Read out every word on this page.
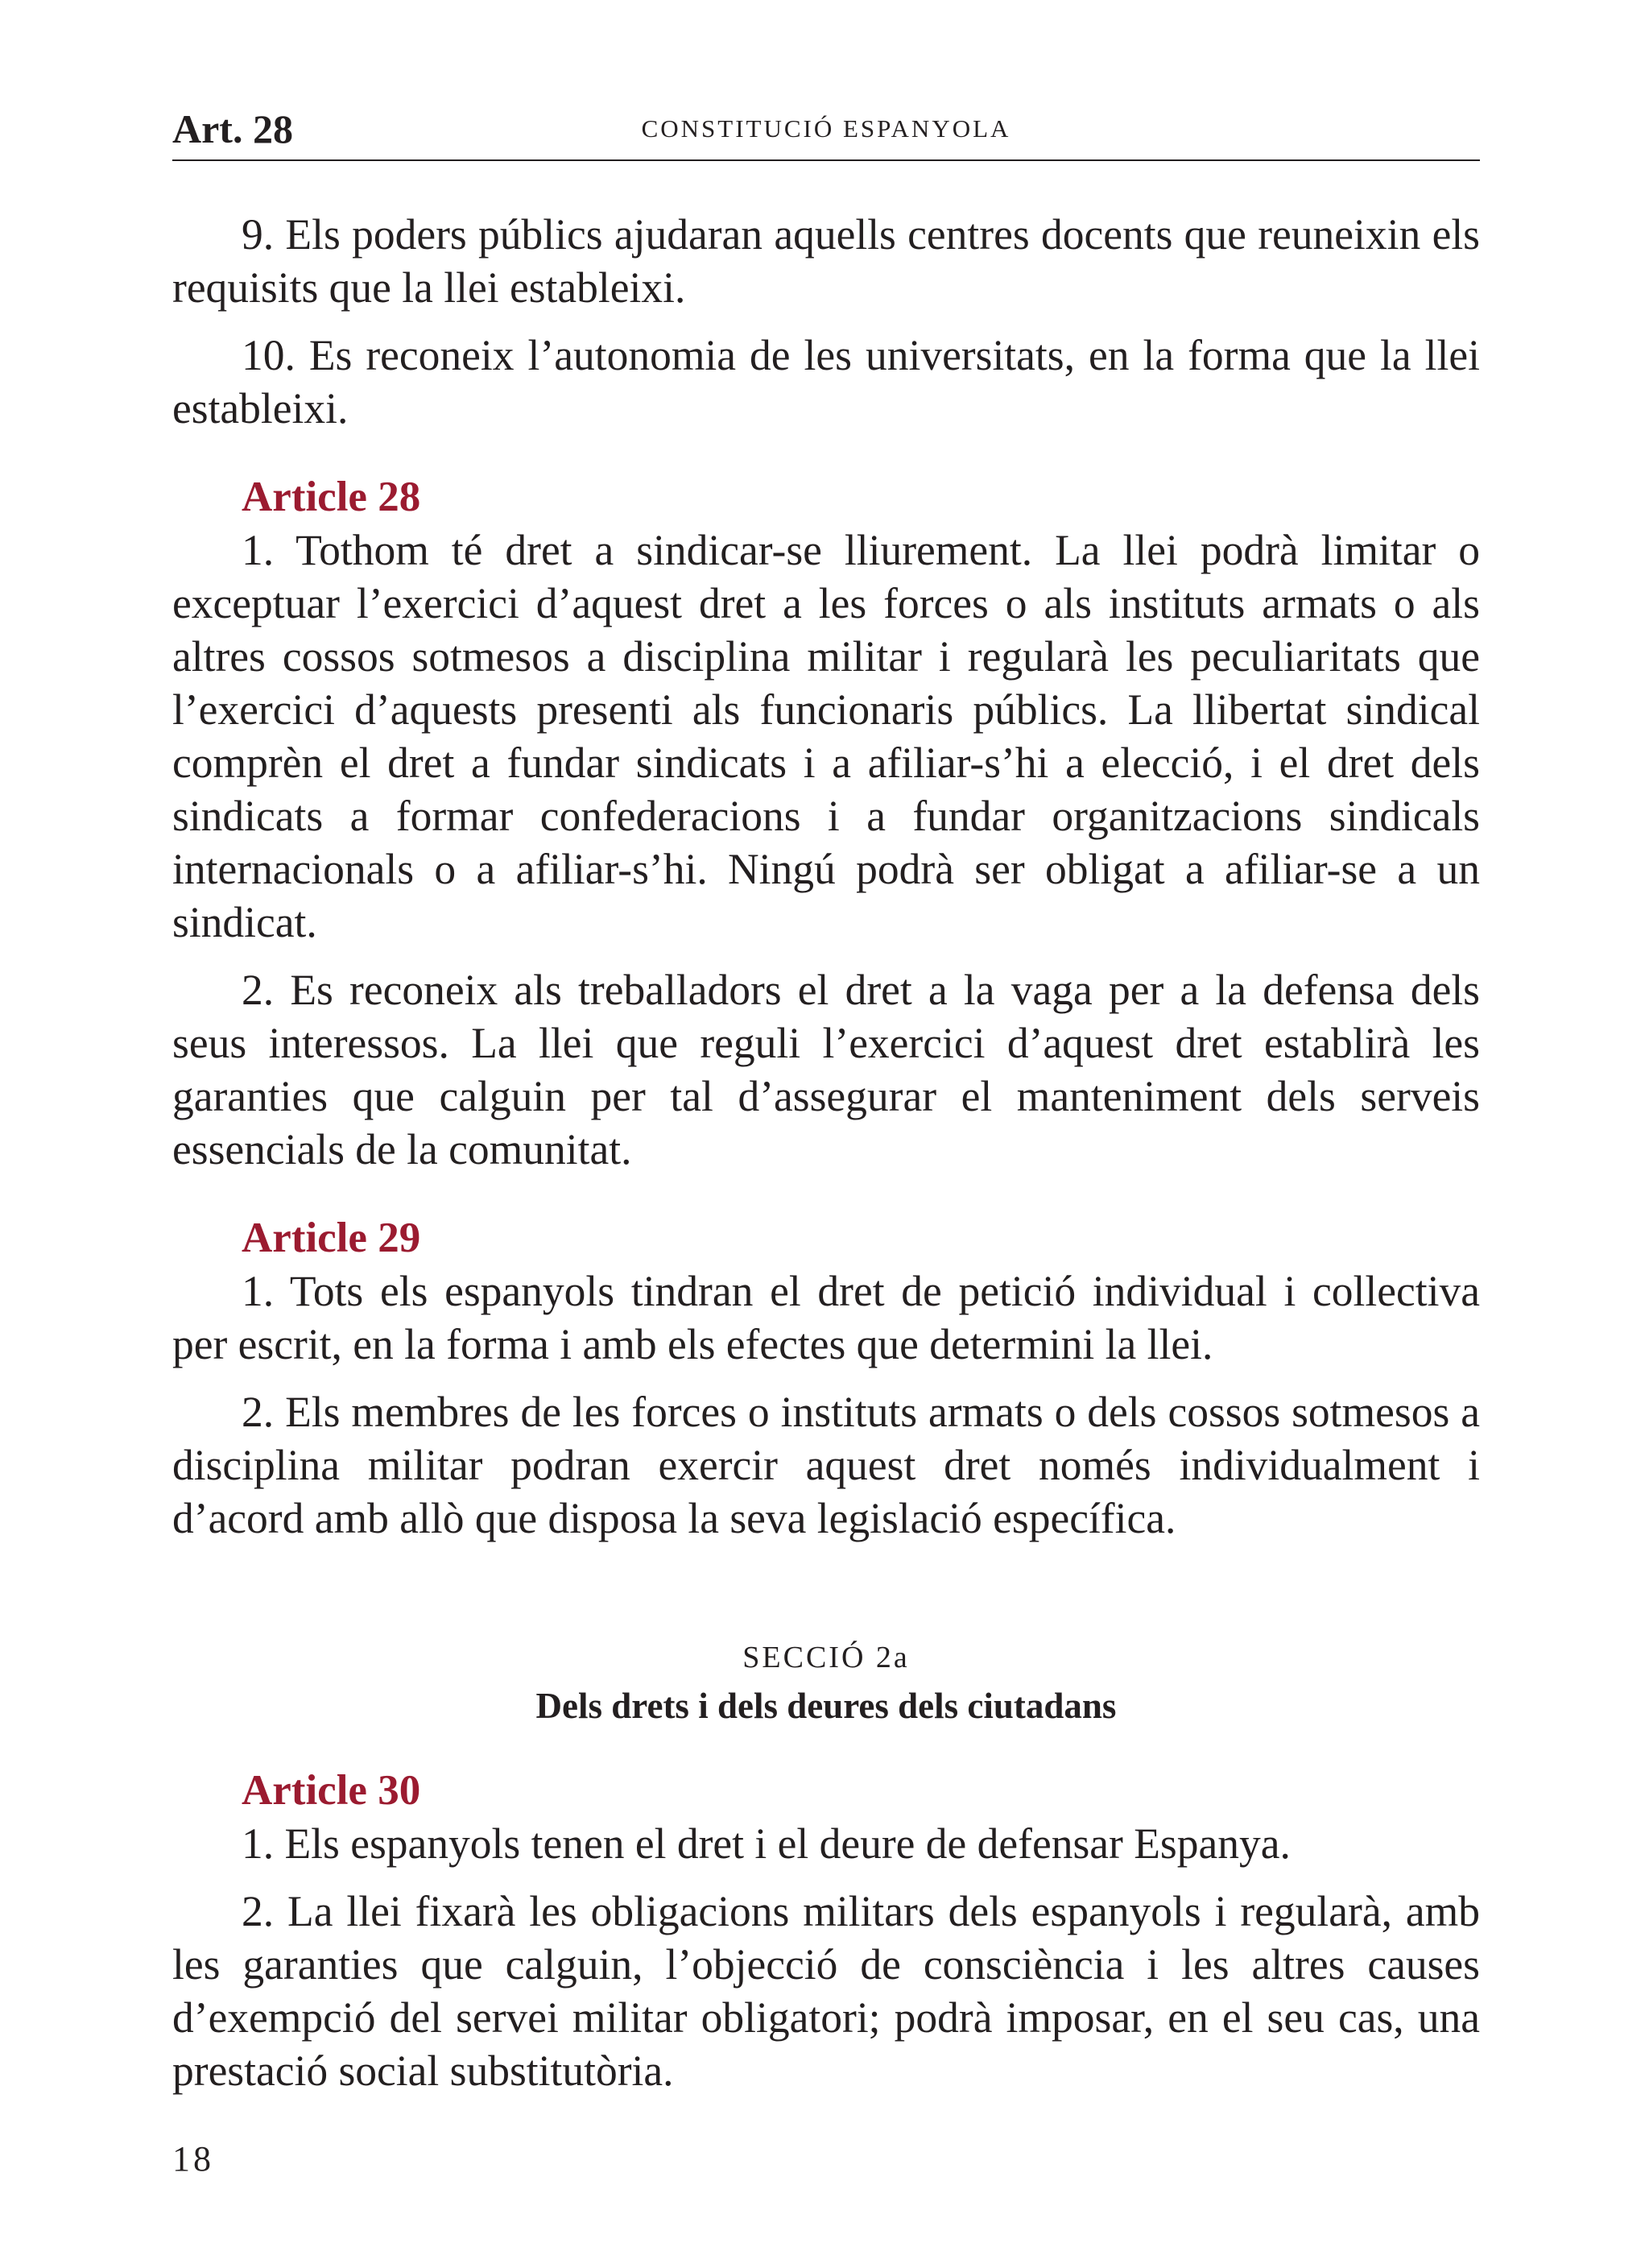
Art. 28	CONSTITUCIÓ ESPANYOLA

9. Els poders públics ajudaran aquells centres docents que reuneixin els requisits que la llei estableixi.

10. Es reconeix l’autonomia de les universitats, en la forma que la llei estableixi.

Article 28

1. Tothom té dret a sindicar-se lliurement. La llei podrà limitar o exceptuar l’exercici d’aquest dret a les forces o als instituts armats o als altres cossos sotmesos a disciplina militar i regularà les peculiaritats que l’exercici d’aquests presenti als funcionaris públics. La llibertat sindical comprèn el dret a fundar sindicats i a afiliar-s’hi a elecció, i el dret dels sindicats a formar confederacions i a fundar organitzacions sindicals internacionals o a afiliar-s’hi. Ningú podrà ser obligat a afiliar-se a un sindicat.

2. Es reconeix als treballadors el dret a la vaga per a la defensa dels seus interessos. La llei que reguli l’exercici d’aquest dret establirà les garanties que calguin per tal d’assegurar el manteniment dels serveis essencials de la comunitat.

Article 29

1. Tots els espanyols tindran el dret de petició individual i collectiva per escrit, en la forma i amb els efectes que determini la llei.

2. Els membres de les forces o instituts armats o dels cossos sotmesos a disciplina militar podran exercir aquest dret només individualment i d’acord amb allò que disposa la seva legislació específica.

SECCIÓ 2a
Dels drets i dels deures dels ciutadans
Article 30

1. Els espanyols tenen el dret i el deure de defensar Espanya.

2. La llei fixarà les obligacions militars dels espanyols i regularà, amb les garanties que calguin, l’objecció de consciència i les altres causes d’exempció del servei militar obligatori; podrà imposar, en el seu cas, una prestació social substitutòria.

18
